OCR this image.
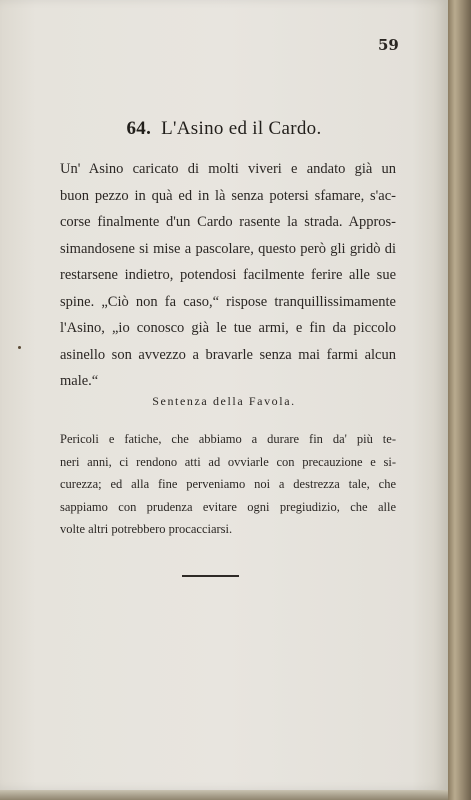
59
64. L'Asino ed il Cardo.
Un' Asino caricato di molti viveri e andato già un
buon pezzo in quà ed in là senza potersi sfamare, s'ac-
corse finalmente d'un Cardo rasente la strada. Appros-
simandosene si mise a pascolare, questo però gli gridò di
restarsene indietro, potendosi facilmente ferire alle sue
spine. „Ciò non fa caso,“ rispose tranquillissimamente
l'Asino, „io conosco già le tue armi, e fin da piccolo
asinello son avvezzo a bravarle senza mai farmi alcun
male.“
Sentenza della Favola.
Pericoli e fatiche, che abbiamo a durare fin da' più te-
neri anni, ci rendono atti ad ovviarle con precauzione e si-
curezza; ed alla fine perveniamo noi a destrezza tale, che
sappiamo con prudenza evitare ogni pregiudizio, che alle
volte altri potrebbero procacciarsi.
